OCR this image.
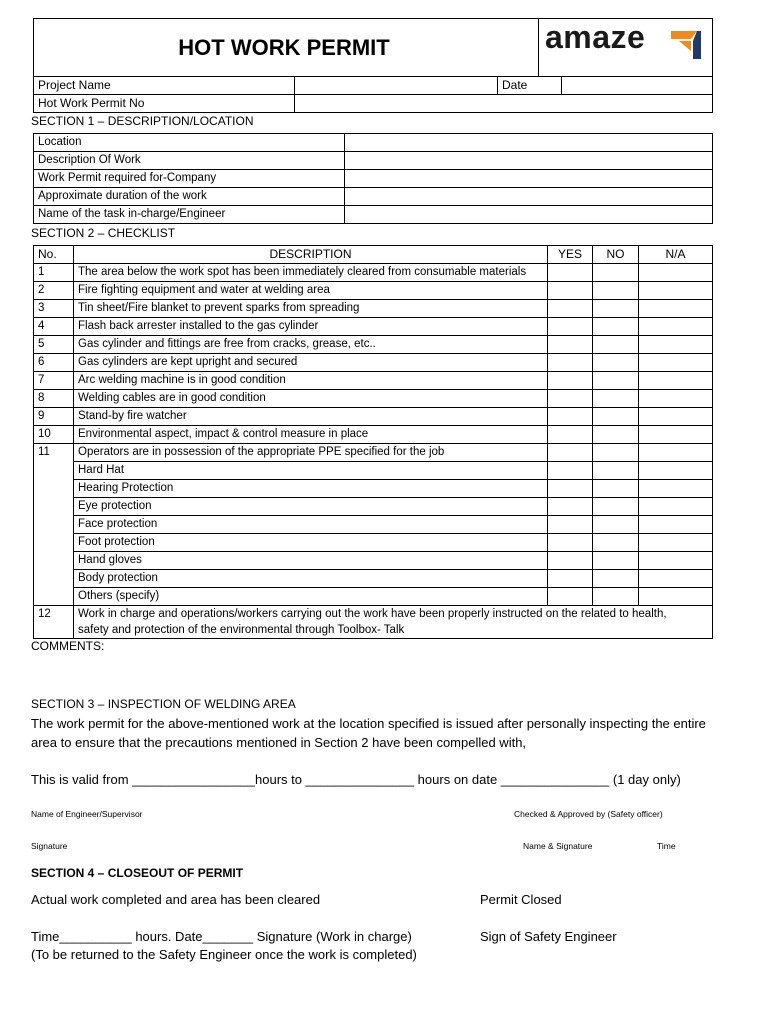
HOT WORK PERMIT	amaze
Project Name		Date	
Hot Work Permit No			
SECTION 1 – DESCRIPTION/LOCATION
Location	
Description Of Work	
Work Permit required for-Company	
Approximate duration of the work	
Name of the task in-charge/Engineer	
SECTION 2 – CHECKLIST
No.	DESCRIPTION	YES	NO	N/A
1	The area below the work spot has been immediately cleared from consumable materials			
2	Fire fighting equipment and water at welding area			
3	Tin sheet/Fire blanket to prevent sparks from spreading			
4	Flash back arrester installed to the gas cylinder			
5	Gas cylinder and fittings are free from cracks, grease, etc..			
6	Gas cylinders are kept upright and secured			
7	Arc welding machine is in good condition			
8	Welding cables are in good condition			
9	Stand-by fire watcher			
10	Environmental aspect, impact & control measure in place			
11	Operators are in possession of the appropriate PPE specified for the job			
	Hard Hat			
	Hearing Protection			
	Eye protection			
	Face protection			
	Foot protection			
	Hand gloves			
	Body protection			
	Others (specify)			
12	Work in charge and operations/workers carrying out the work have been properly instructed on the related to health,
safety and protection of the environmental through Toolbox- Talk			
COMMENTS:
SECTION 3 – INSPECTION OF WELDING AREA
The work permit for the above-mentioned work at the location specified is issued after personally inspecting the entire
area to ensure that the precautions mentioned in Section 2 have been compelled with,
This is valid from _________________hours to _______________ hours on date _______________ (1 day only)
Name of Engineer/Supervisor	Checked & Approved by (Safety officer)
Signature	Name & Signature	Time
SECTION 4 – CLOSEOUT OF PERMIT
Actual work completed and area has been cleared	Permit Closed
Time__________ hours. Date_______ Signature (Work in charge)	Sign of Safety Engineer
(To be returned to the Safety Engineer once the work is completed)
